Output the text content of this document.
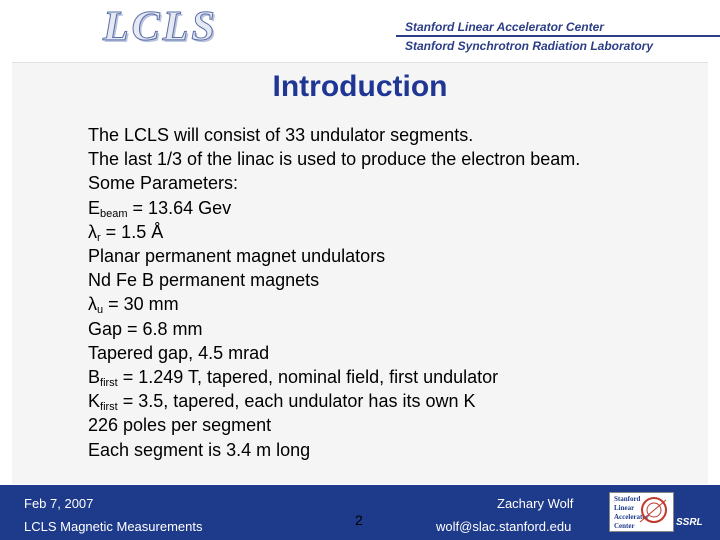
LCLS	Stanford Linear Accelerator Center
Stanford Synchrotron Radiation Laboratory
Introduction
The LCLS will consist of 33 undulator segments.
The last 1/3 of the linac is used to produce the electron beam.
Some Parameters:
$E_{beam} = 13.64$ Gev
$\lambda_r = 1.5$ Å
Planar permanent magnet undulators
Nd Fe B permanent magnets
$\lambda_u = 30$ mm
Gap = 6.8 mm
Tapered gap, 4.5 mrad
$B_{first} = 1.249$ T, tapered, nominal field, first undulator
$K_{first} = 3.5$, tapered, each undulator has its own K
226 poles per segment
Each segment is 3.4 m long
Feb 7, 2007
LCLS Magnetic Measurements	2
Zachary Wolf
wolf@slac.stanford.edu
Stanford
Linear
Accelerator
Center	SSRL
